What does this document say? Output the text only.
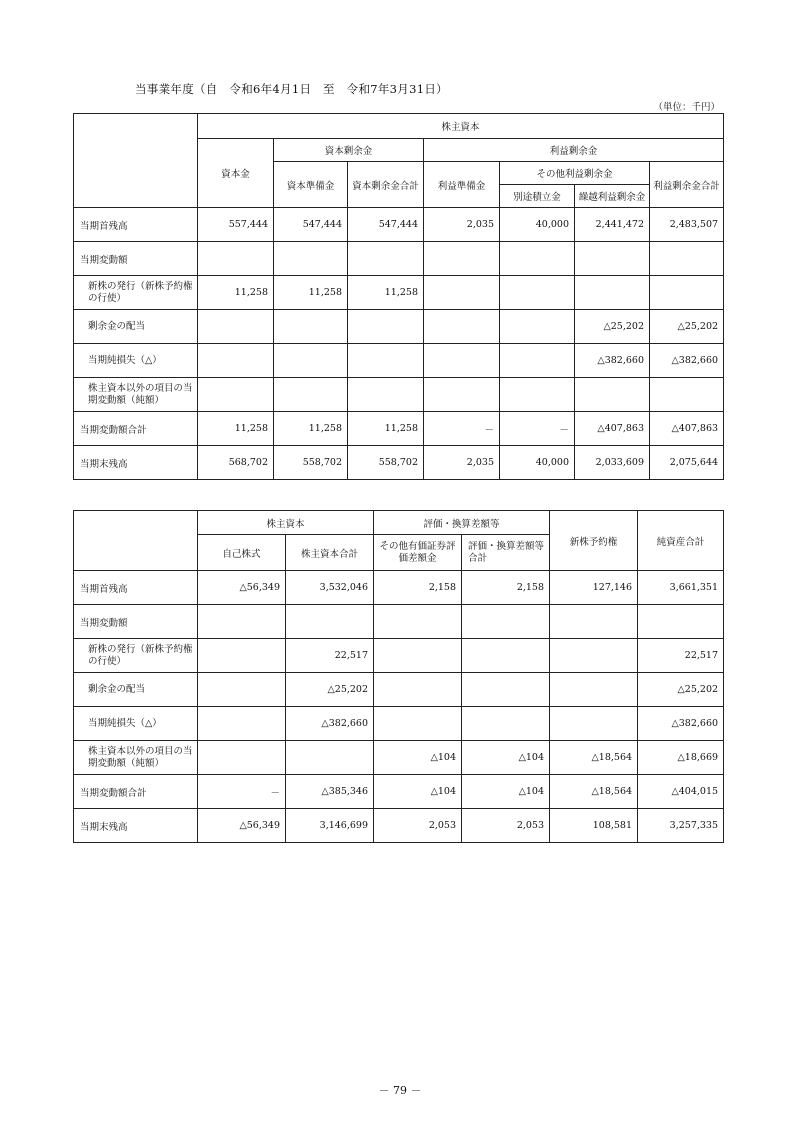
当事業年度（自　令和6年4月1日　至　令和7年3月31日）
（単位：千円）
	株主資本						
	資本金	資本剰余金		利益剰余金			
		資本準備金	資本剰余金合計	利益準備金	その他利益剰余金		利益剰余金合計
					別途積立金	繰越利益剰余金	
当期首残高	557,444	547,444	547,444	2,035	40,000	2,441,472	2,483,507
当期変動額							
新株の発行（新株予約権の行使）	11,258	11,258	11,258				
剰余金の配当						△25,202	△25,202
当期純損失（△）						△382,660	△382,660
株主資本以外の項目の当期変動額（純額）							
当期変動額合計	11,258	11,258	11,258	－	－	△407,863	△407,863
当期末残高	568,702	558,702	558,702	2,035	40,000	2,033,609	2,075,644
	株主資本		評価・換算差額等		新株予約権	純資産合計
	自己株式	株主資本合計	その他有価証券評価差額金	評価・換算差額等合計		
当期首残高	△56,349	3,532,046	2,158	2,158	127,146	3,661,351
当期変動額						
新株の発行（新株予約権の行使）		22,517				22,517
剰余金の配当		△25,202				△25,202
当期純損失（△）		△382,660				△382,660
株主資本以外の項目の当期変動額（純額）			△104	△104	△18,564	△18,669
当期変動額合計	－	△385,346	△104	△104	△18,564	△404,015
当期末残高	△56,349	3,146,699	2,053	2,053	108,581	3,257,335
－ 79 －
